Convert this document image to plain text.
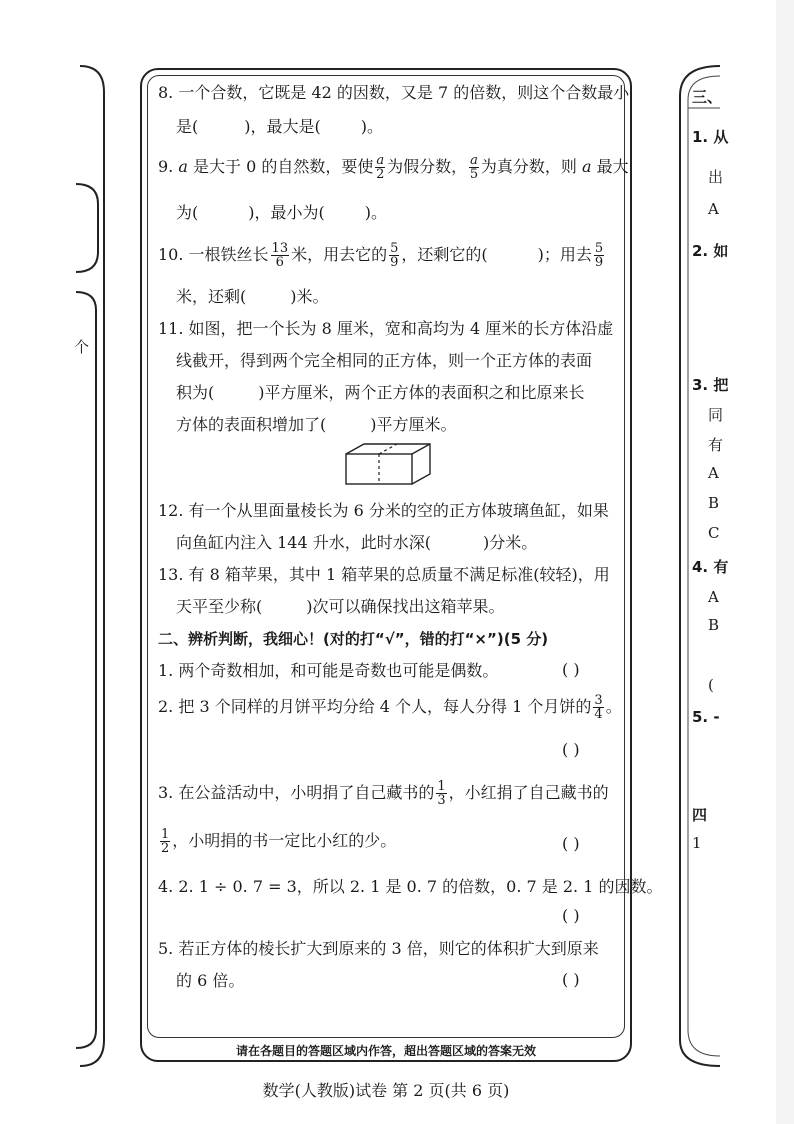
个
三、
1. 从
出
A
2. 如
3. 把
同
有
A
B
C
4. 有
A
B
(
5. -
四
1
8. 一个合数，它既是 42 的因数，又是 7 的倍数，则这个合数最小
是(	)，最大是(	)。
9. a 是大于 0 的自然数，要使 $\frac{a}{2}$ 为假分数， $\frac{a}{5}$ 为真分数，则 a 最大
为(	)，最小为(	)。
10. 一根铁丝长 $\frac{13}{6}$ 米，用去它的 $\frac{5}{9}$ ，还剩它的(	)；用去 $\frac{5}{9}$
米，还剩(	)米。
11. 如图，把一个长为 8 厘米，宽和高均为 4 厘米的长方体沿虚
线截开，得到两个完全相同的正方体，则一个正方体的表面
积为(	)平方厘米，两个正方体的表面积之和比原来长
方体的表面积增加了(	)平方厘米。
12. 有一个从里面量棱长为 6 分米的空的正方体玻璃鱼缸，如果
向鱼缸内注入 144 升水，此时水深(	)分米。
13. 有 8 箱苹果，其中 1 箱苹果的总质量不满足标准(较轻)，用
天平至少称(	)次可以确保找出这箱苹果。
二、辨析判断，我细心！(对的打“√”，错的打“×”)(5 分)
1. 两个奇数相加，和可能是奇数也可能是偶数。	( )
2. 把 3 个同样的月饼平均分给 4 个人，每人分得 1 个月饼的 $\frac{3}{4}$ 。
( )
3. 在公益活动中，小明捐了自己藏书的 $\frac{1}{3}$ ，小红捐了自己藏书的
$\frac{1}{2}$ ，小明捐的书一定比小红的少。	( )
4. 2. 1 ÷ 0. 7 = 3，所以 2. 1 是 0. 7 的倍数，0. 7 是 2. 1 的因数。
( )
5. 若正方体的棱长扩大到原来的 3 倍，则它的体积扩大到原来
的 6 倍。	( )
请在各题目的答题区域内作答，超出答题区域的答案无效
数学(人教版)试卷 第 2 页(共 6 页)
